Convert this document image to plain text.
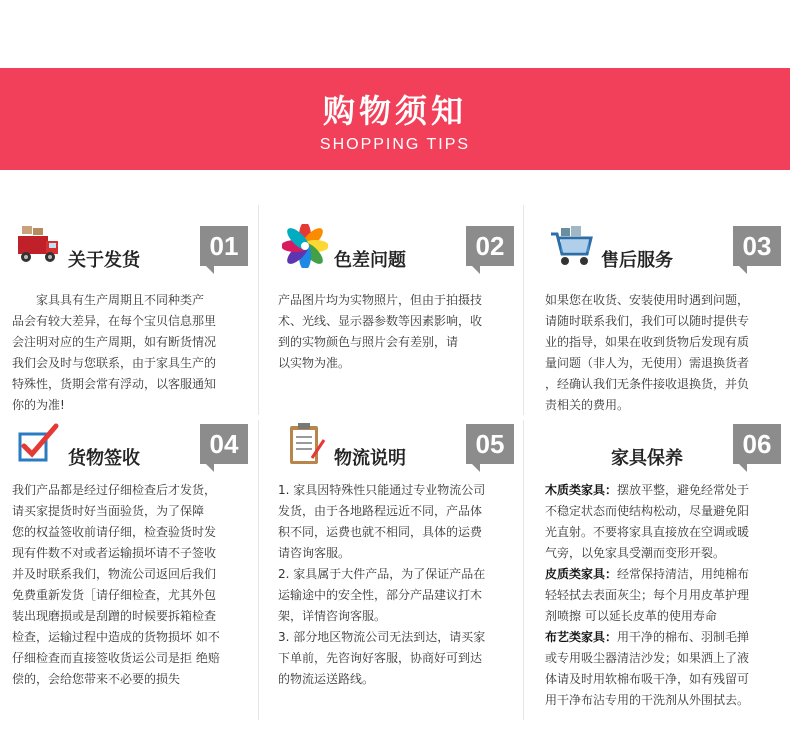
购物须知
SHOPPING TIPS
关于发货	01

家具具有生产周期且不同种类产

品会有较大差异，在每个宝贝信息那里

会注明对应的生产周期，如有断货情况

我们会及时与您联系，由于家具生产的

特殊性，货期会常有浮动，以客服通知

你的为准!

色差问题	02

产品图片均为实物照片，但由于拍摄技

术、光线、显示器参数等因素影响，收

到的实物颜色与照片会有差别，请

以实物为准。

售后服务	03

如果您在收货、安装使用时遇到问题，

请随时联系我们，我们可以随时提供专

业的指导，如果在收到货物后发现有质

量问题（非人为，无使用）需退换货者

，经确认我们无条件接收退换货，并负

责相关的费用。

货物签收	04

我们产品都是经过仔细检查后才发货，

请买家提货时好当面验货，为了保障

您的权益签收前请仔细，检查验货时发

现有件数不对或者运输损坏请不子签收

并及时联系我们，物流公司返回后我们

免费重新发货［请仔细检查，尤其外包

装出现磨损或是刮蹭的时候要拆箱检查

检查，运输过程中造成的货物损坏 如不

仔细检查而直接签收货运公司是拒 绝赔

偿的，会给您带来不必要的损失

物流说明	05

1. 家具因特殊性只能通过专业物流公司

发货，由于各地路程远近不同，产品体

积不同，运费也就不相同，具体的运费

请咨询客服。

2. 家具属于大件产品，为了保证产品在

运输途中的安全性，部分产品建议打木

架，详情咨询客服。

3. 部分地区物流公司无法到达，请买家

下单前，先咨询好客服，协商好可到达

的物流运送路线。

家具保养	06

木质类家具：摆放平整，避免经常处于

不稳定状态而使结构松动，尽量避免阳

光直射。不要将家具直接放在空调或暖

气旁，以免家具受潮而变形开裂。

皮质类家具：经常保持清洁，用纯棉布

轻轻拭去表面灰尘；每个月用皮革护理

剂喷擦 可以延长皮革的使用寿命

布艺类家具：用干净的棉布、羽制毛掸

或专用吸尘器清洁沙发；如果洒上了液

体请及时用软棉布吸干净，如有残留可

用干净布沾专用的干洗剂从外围拭去。
